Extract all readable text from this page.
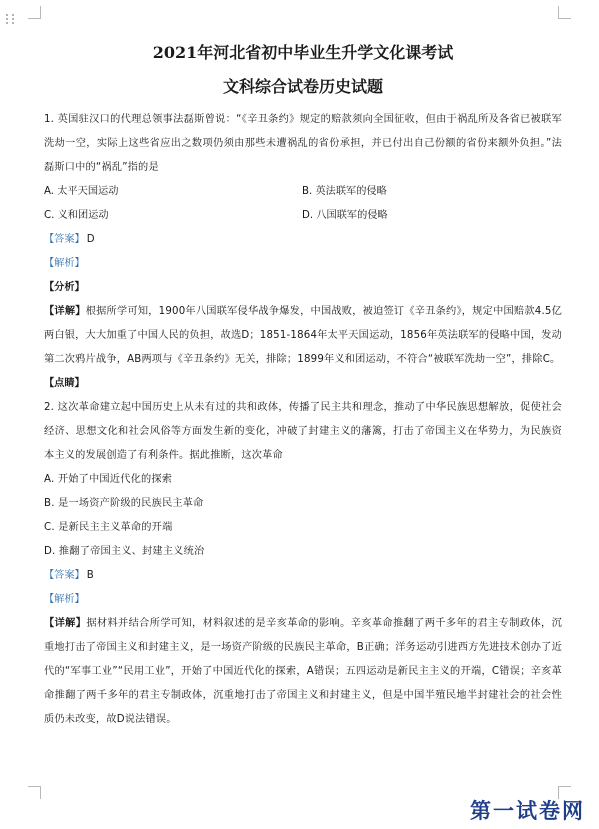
2021年河北省初中毕业生升学文化课考试
文科综合试卷历史试题

1. 英国驻汉口的代理总领事法磊斯曾说：“《辛丑条约》规定的赔款须向全国征收，但由于祸乱所及各省已被联军洗劫一空，实际上这些省应出之数项仍须由那些未遭祸乱的省份承担，并已付出自己份额的省份来额外负担。”法磊斯口中的“祸乱”指的是

A. 太平天国运动	B. 英法联军的侵略
C. 义和团运动	D. 八国联军的侵略
【答案】 D
【解析】
【分析】

【详解】根据所学可知，1900年八国联军侵华战争爆发，中国战败，被迫签订《辛丑条约》，规定中国赔款4.5亿两白银，大大加重了中国人民的负担，故选D；1851-1864年太平天国运动，1856年英法联军的侵略中国，发动第二次鸦片战争，AB两项与《辛丑条约》无关，排除；1899年义和团运动，不符合“被联军洗劫一空”，排除C。

【点睛】

2. 这次革命建立起中国历史上从未有过的共和政体，传播了民主共和理念，推动了中华民族思想解放，促使社会经济、思想文化和社会风俗等方面发生新的变化，冲破了封建主义的藩篱，打击了帝国主义在华势力，为民族资本主义的发展创造了有利条件。据此推断，这次革命

A. 开始了中国近代化的探索
B. 是一场资产阶级的民族民主革命
C. 是新民主主义革命的开端
D. 推翻了帝国主义、封建主义统治
【答案】 B
【解析】

【详解】据材料并结合所学可知，材料叙述的是辛亥革命的影响。辛亥革命推翻了两千多年的君主专制政体，沉重地打击了帝国主义和封建主义，是一场资产阶级的民族民主革命，B正确；洋务运动引进西方先进技术创办了近代的“军事工业”“民用工业”，开始了中国近代化的探索，A错误；五四运动是新民主主义的开端，C错误；辛亥革命推翻了两千多年的君主专制政体，沉重地打击了帝国主义和封建主义，但是中国半殖民地半封建社会的社会性质仍未改变，故D说法错误。

第一试卷网
